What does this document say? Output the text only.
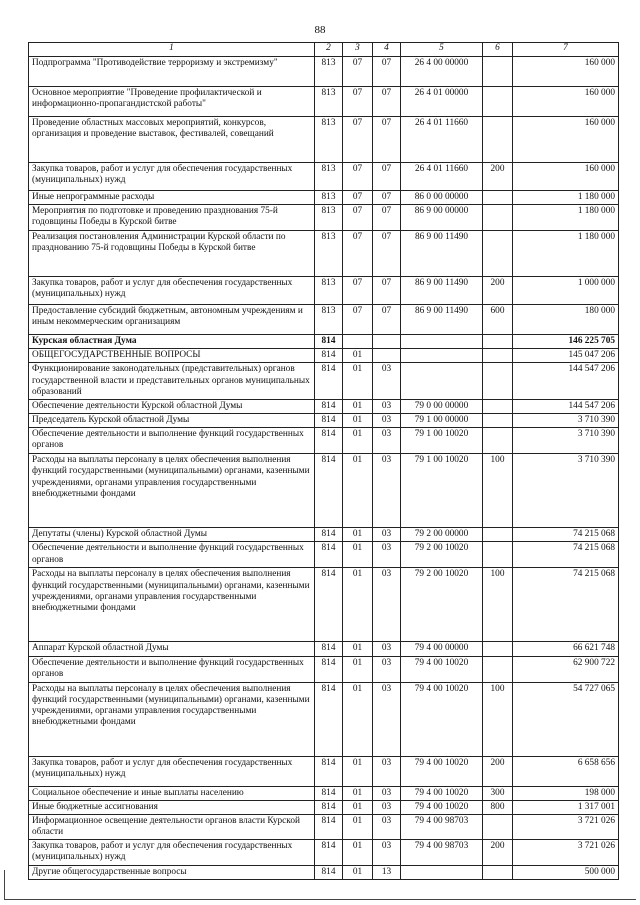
88
1	2	3	4	5	6	7
Подпрограмма "Противодействие терроризму и экстремизму"	813	07	07	26 4 00 00000		160 000
Основное мероприятие "Проведение профилактической и информационно-пропагандистской работы"	813	07	07	26 4 01 00000		160 000
Проведение областных массовых мероприятий, конкурсов, организация и проведение выставок, фестивалей, совещаний	813	07	07	26 4 01 11660		160 000
Закупка товаров, работ и услуг для обеспечения государственных (муниципальных) нужд	813	07	07	26 4 01 11660	200	160 000
Иные непрограммные расходы	813	07	07	86 0 00 00000		1 180 000
Мероприятия по подготовке и проведению празднования 75-й годовщины Победы в Курской битве	813	07	07	86 9 00 00000		1 180 000
Реализация постановления Администрации Курской области по празднованию 75-й годовщины Победы в Курской битве	813	07	07	86 9 00 11490		1 180 000
Закупка товаров, работ и услуг для обеспечения государственных (муниципальных) нужд	813	07	07	86 9 00 11490	200	1 000 000
Предоставление субсидий бюджетным, автономным учреждениям и иным некоммерческим организациям	813	07	07	86 9 00 11490	600	180 000
Курская областная Дума	814					146 225 705
ОБЩЕГОСУДАРСТВЕННЫЕ ВОПРОСЫ	814	01				145 047 206
Функционирование законодательных (представительных) органов государственной власти и представительных органов муниципальных образований	814	01	03			144 547 206
Обеспечение деятельности Курской областной Думы	814	01	03	79 0 00 00000		144 547 206
Председатель Курской областной Думы	814	01	03	79 1 00 00000		3 710 390
Обеспечение деятельности и выполнение функций государственных органов	814	01	03	79 1 00 10020		3 710 390
Расходы на выплаты персоналу в целях обеспечения выполнения функций государственными (муниципальными) органами, казенными учреждениями, органами управления государственными внебюджетными фондами	814	01	03	79 1 00 10020	100	3 710 390
Депутаты (члены) Курской областной Думы	814	01	03	79 2 00 00000		74 215 068
Обеспечение деятельности и выполнение функций государственных органов	814	01	03	79 2 00 10020		74 215 068
Расходы на выплаты персоналу в целях обеспечения выполнения функций государственными (муниципальными) органами, казенными учреждениями, органами управления государственными внебюджетными фондами	814	01	03	79 2 00 10020	100	74 215 068
Аппарат Курской областной Думы	814	01	03	79 4 00 00000		66 621 748
Обеспечение деятельности и выполнение функций государственных органов	814	01	03	79 4 00 10020		62 900 722
Расходы на выплаты персоналу в целях обеспечения выполнения функций государственными (муниципальными) органами, казенными учреждениями, органами управления государственными внебюджетными фондами	814	01	03	79 4 00 10020	100	54 727 065
Закупка товаров, работ и услуг для обеспечения государственных (муниципальных) нужд	814	01	03	79 4 00 10020	200	6 658 656
Социальное обеспечение и иные выплаты населению	814	01	03	79 4 00 10020	300	198 000
Иные бюджетные ассигнования	814	01	03	79 4 00 10020	800	1 317 001
Информационное освещение деятельности органов власти Курской области	814	01	03	79 4 00 98703		3 721 026
Закупка товаров, работ и услуг для обеспечения государственных (муниципальных) нужд	814	01	03	79 4 00 98703	200	3 721 026
Другие общегосударственные вопросы	814	01	13			500 000
